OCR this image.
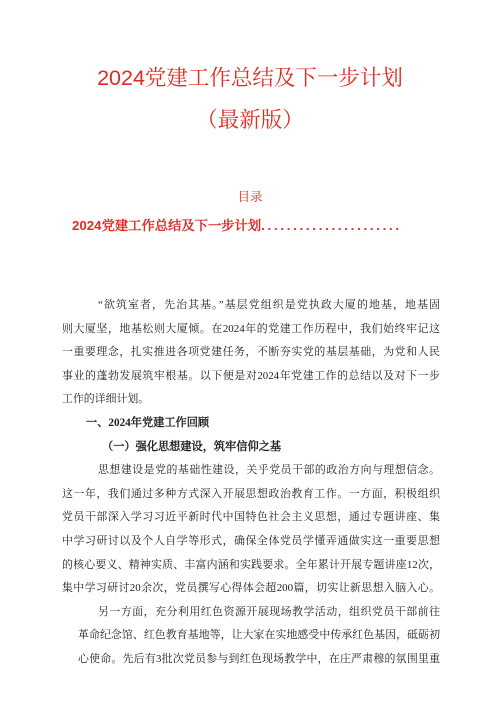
2024党建工作总结及下一步计划
（最新版）
目录
2024党建工作总结及下一步计划......................
“欲筑室者，先治其基。”基层党组织是党执政大厦的地基，地基固
则大厦坚，地基松则大厦倾。在2024年的党建工作历程中，我们始终牢记这
一重要理念，扎实推进各项党建任务，不断夯实党的基层基础，为党和人民
事业的蓬勃发展筑牢根基。以下便是对2024年党建工作的总结以及对下一步
工作的详细计划。
一、2024年党建工作回顾
（一）强化思想建设，筑牢信仰之基
思想建设是党的基础性建设，关乎党员干部的政治方向与理想信念。
这一年，我们通过多种方式深入开展思想政治教育工作。一方面，积极组织
党员干部深入学习习近平新时代中国特色社会主义思想，通过专题讲座、集
中学习研讨以及个人自学等形式，确保全体党员学懂弄通做实这一重要思想
的核心要义、精神实质、丰富内涵和实践要求。全年累计开展专题讲座12次，
集中学习研讨20余次，党员撰写心得体会超200篇，切实让新思想入脑入心。
另一方面，充分利用红色资源开展现场教学活动，组织党员干部前往
革命纪念馆、红色教育基地等，让大家在实地感受中传承红色基因，砥砺初
心使命。先后有3批次党员参与到红色现场教学中，在庄严肃穆的氛围里重
